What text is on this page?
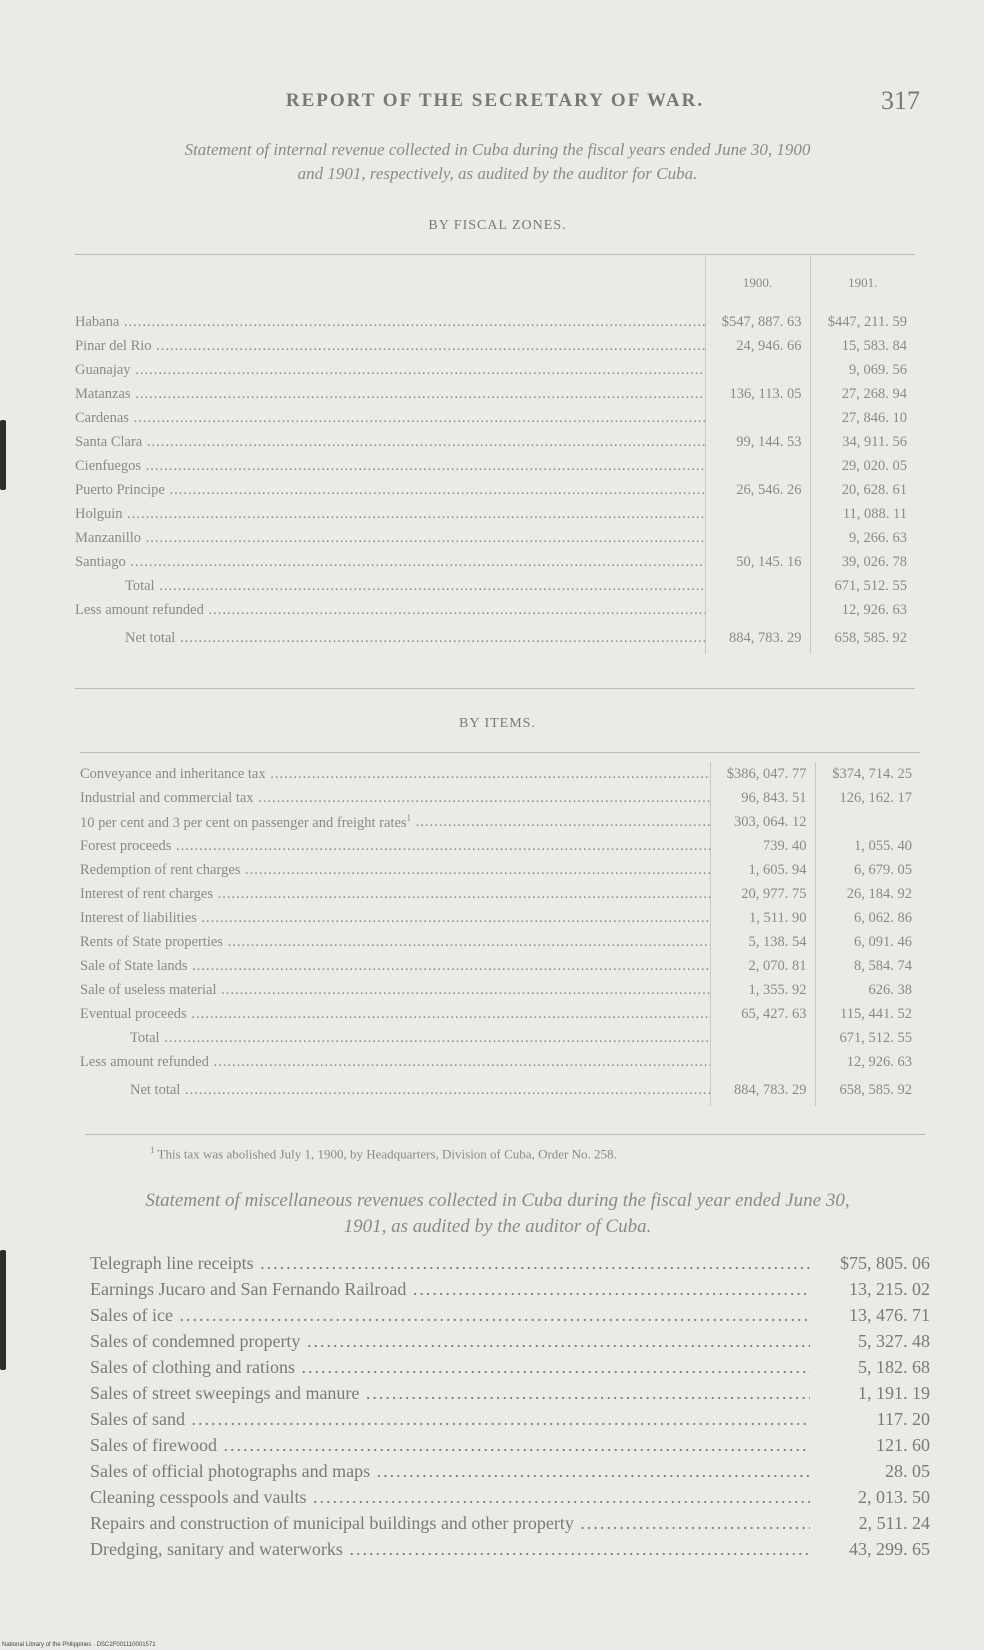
REPORT OF THE SECRETARY OF WAR.	317
Statement of internal revenue collected in Cuba during the fiscal years ended June 30, 1900
and 1901, respectively, as audited by the auditor for Cuba.
BY FISCAL ZONES.
	1900.	1901.
Habana .....	$547, 887. 63	$447, 211. 59
Pinar del Rio .....	24, 946. 66	15, 583. 84
Guanajay .....		9, 069. 56
Matanzas .....	136, 113. 05	27, 268. 94
Cardenas .....		27, 846. 10
Santa Clara .....	99, 144. 53	34, 911. 56
Cienfuegos .....		29, 020. 05
Puerto Principe .....	26, 546. 26	20, 628. 61
Holguin .....		11, 088. 11
Manzanillo .....		9, 266. 63
Santiago .....	50, 145. 16	39, 026. 78
Total .....		671, 512. 55
Less amount refunded .....		12, 926. 63
Net total .....	884, 783. 29	658, 585. 92
BY ITEMS.
Conveyance and inheritance tax .....	$386, 047. 77	$374, 714. 25
Industrial and commercial tax .....	96, 843. 51	126, 162. 17
10 per cent and 3 per cent on passenger and freight rates$^1$ .....	303, 064. 12	
Forest proceeds .....	739. 40	1, 055. 40
Redemption of rent charges .....	1, 605. 94	6, 679. 05
Interest of rent charges .....	20, 977. 75	26, 184. 92
Interest of liabilities .....	1, 511. 90	6, 062. 86
Rents of State properties .....	5, 138. 54	6, 091. 46
Sale of State lands .....	2, 070. 81	8, 584. 74
Sale of useless material .....	1, 355. 92	626. 38
Eventual proceeds .....	65, 427. 63	115, 441. 52
Total .....		671, 512. 55
Less amount refunded .....		12, 926. 63
Net total .....	884, 783. 29	658, 585. 92
$^1$ This tax was abolished July 1, 1900, by Headquarters, Division of Cuba, Order No. 258.
Statement of miscellaneous revenues collected in Cuba during the fiscal year ended June 30,
1901, as audited by the auditor of Cuba.
Telegraph line receipts .....	$75, 805. 06
Earnings Jucaro and San Fernando Railroad .....	13, 215. 02
Sales of ice .....	13, 476. 71
Sales of condemned property .....	5, 327. 48
Sales of clothing and rations .....	5, 182. 68
Sales of street sweepings and manure .....	1, 191. 19
Sales of sand .....	117. 20
Sales of firewood .....	121. 60
Sales of official photographs and maps .....	28. 05
Cleaning cesspools and vaults .....	2, 013. 50
Repairs and construction of municipal buildings and other property .....	2, 511. 24
Dredging, sanitary and waterworks .....	43, 299. 65
National Library of the Philippines · DSC2F001110001571
